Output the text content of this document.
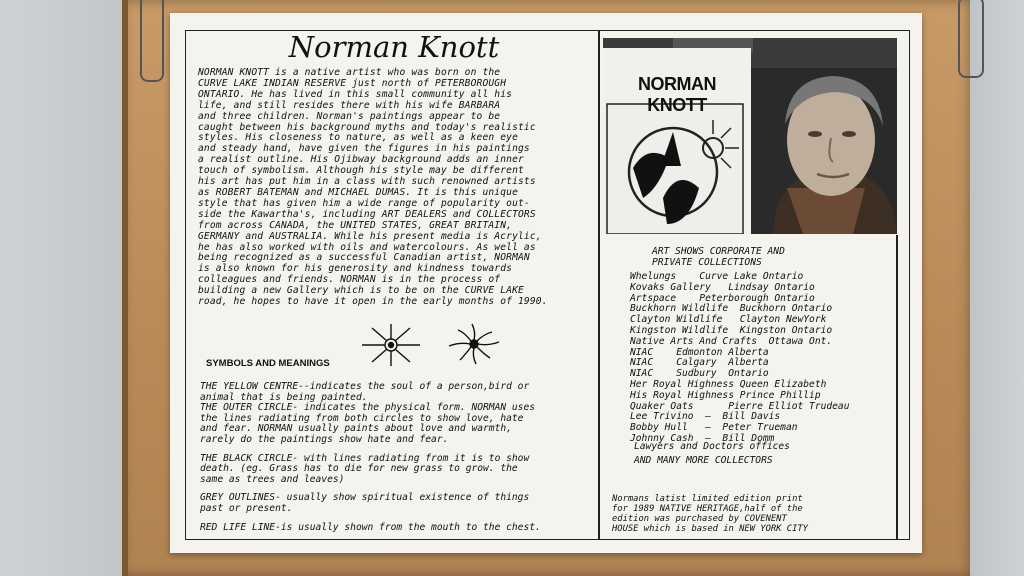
Norman Knott
NORMAN KNOTT is a native artist who was born on the
CURVE LAKE INDIAN RESERVE just north of PETERBOROUGH
ONTARIO. He has lived in this small community all his
life, and still resides there with his wife BARBARA
and three children. Norman's paintings appear to be
caught between his background myths and today's realistic
styles. His closeness to nature, as well as a keen eye
and steady hand, have given the figures in his paintings
a realist outline. His Ojibway background adds an inner
touch of symbolism. Although his style may be different
his art has put him in a class with such renowned artists
as ROBERT BATEMAN and MICHAEL DUMAS. It is this unique
style that has given him a wide range of popularity out-
side the Kawartha's, including ART DEALERS and COLLECTORS
from across CANADA, the UNITED STATES, GREAT BRITAIN,
GERMANY and AUSTRALIA. While his present media is Acrylic,
he has also worked with oils and watercolours. As well as
being recognized as a successful Canadian artist, NORMAN
is also known for his generosity and kindness towards
colleagues and friends. NORMAN is in the process of
building a new Gallery which is to be on the CURVE LAKE
road, he hopes to have it open in the early months of 1990.
SYMBOLS AND MEANINGS

THE YELLOW CENTRE--indicates the soul of a person,bird or
animal that is being painted.
THE OUTER CIRCLE- indicates the physical form. NORMAN uses
the lines radiating from both circles to show love, hate
and fear. NORMAN usually paints about love and warmth,
rarely do the paintings show hate and fear.

THE BLACK CIRCLE- with lines radiating from it is to show
death. (eg. Grass has to die for new grass to grow. the
same as trees and leaves)

GREY OUTLINES- usually show spiritual existence of things
past or present.

RED LIFE LINE-is usually shown from the mouth to the chest.

NORMAN KNOTT
ART SHOWS CORPORATE AND
PRIVATE COLLECTIONS
Whelungs    Curve Lake Ontario
Kovaks Gallery   Lindsay Ontario
Artspace    Peterborough Ontario
Buckhorn Wildlife  Buckhorn Ontario
Clayton Wildlife   Clayton NewYork
Kingston Wildlife  Kingston Ontario
Native Arts And Crafts  Ottawa Ont.
NIAC    Edmonton Alberta
NIAC    Calgary  Alberta
NIAC    Sudbury  Ontario
Her Royal Highness Queen Elizabeth
His Royal Highness Prince Phillip
Quaker Oats      Pierre Elliot Trudeau
Lee Trivino  —  Bill Davis
Bobby Hull   —  Peter Trueman
Johnny Cash  —  Bill Domm
Lawyers and Doctors offices
AND MANY MORE COLLECTORS
Normans latist limited edition print
for 1989 NATIVE HERITAGE,half of the
edition was purchased by COVENENT
HOUSE which is based in NEW YORK CITY
